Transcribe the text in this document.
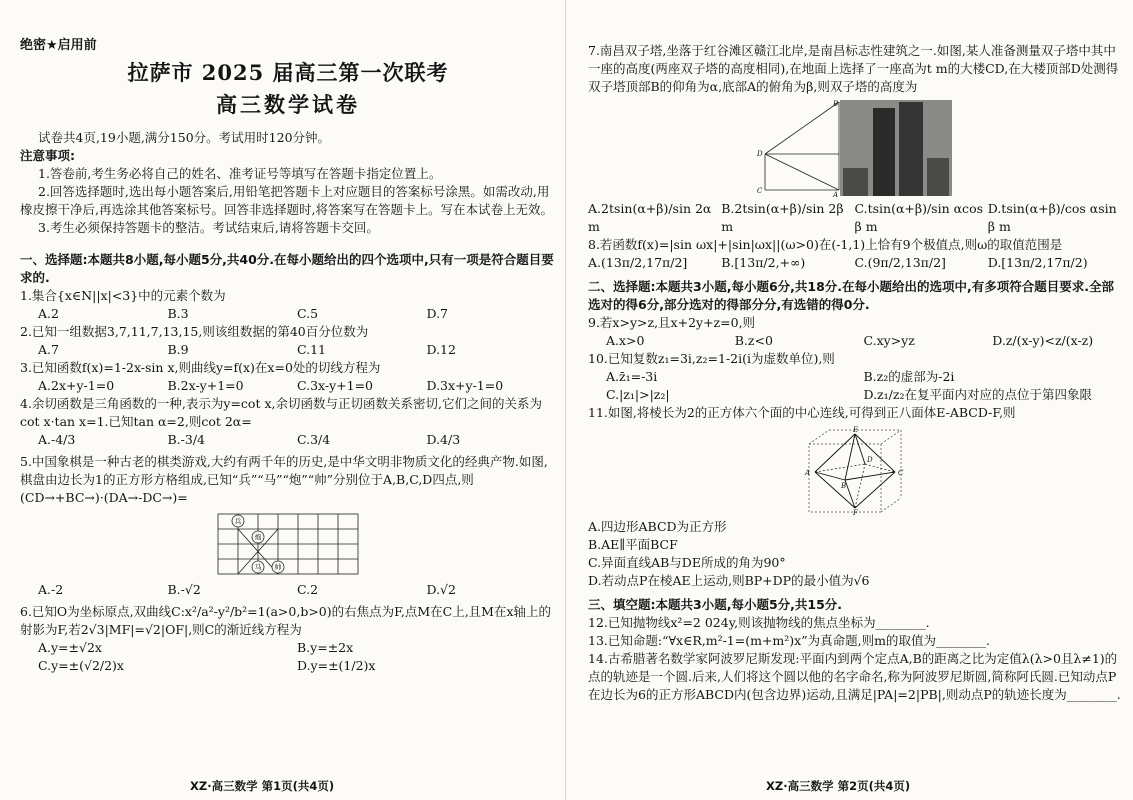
绝密★启用前

拉萨市 2025 届高三第一次联考

高三数学试卷

试卷共4页,19小题,满分150分。考试用时120分钟。

注意事项:

1.答卷前,考生务必将自己的姓名、准考证号等填写在答题卡指定位置上。

2.回答选择题时,选出每小题答案后,用铅笔把答题卡上对应题目的答案标号涂黑。如需改动,用橡皮擦干净后,再选涂其他答案标号。回答非选择题时,将答案写在答题卡上。写在本试卷上无效。

3.考生必须保持答题卡的整洁。考试结束后,请将答题卡交回。

一、选择题:本题共8小题,每小题5分,共40分.在每小题给出的四个选项中,只有一项是符合题目要求的.

1.集合{x∈N||x|<3}中的元素个数为

A.2	B.3	C.5	D.7

2.已知一组数据3,7,11,7,13,15,则该组数据的第40百分位数为

A.7	B.9	C.11	D.12

3.已知函数f(x)=1-2x-sin x,则曲线y=f(x)在x=0处的切线方程为

A.2x+y-1=0	B.2x-y+1=0	C.3x-y+1=0	D.3x+y-1=0

4.余切函数是三角函数的一种,表示为y=cot x,余切函数与正切函数关系密切,它们之间的关系为cot x·tan x=1.已知tan α=2,则cot 2α=

A.-4/3	B.-3/4	C.3/4	D.4/3

5.中国象棋是一种古老的棋类游戏,大约有两千年的历史,是中华文明非物质文化的经典产物.如图,棋盘由边长为1的正方形方格组成,已知“兵”“马”“炮”“帅”分别位于A,B,C,D四点,则(CD→+BC→)·(DA→-DC→)=

兵
炮
马 帅
A.-2	B.-√2	C.2	D.√2

6.已知O为坐标原点,双曲线C:x²/a²-y²/b²=1(a>0,b>0)的右焦点为F,点M在C上,且M在x轴上的射影为F,若2√3|MF|=√2|OF|,则C的渐近线方程为

A.y=±√2x	B.y=±2x
C.y=±(√2/2)x	D.y=±(1/2)x

XZ·高三数学 第1页(共4页)

7.南昌双子塔,坐落于红谷滩区赣江北岸,是南昌标志性建筑之一.如图,某人准备测量双子塔中其中一座的高度(两座双子塔的高度相同),在地面上选择了一座高为t m的大楼CD,在大楼顶部D处测得双子塔顶部B的仰角为α,底部A的俯角为β,则双子塔的高度为

B
D
C	A
A.2tsin(α+β)/sin 2α m
B.2tsin(α+β)/sin 2β m
C.tsin(α+β)/sin αcos β m
D.tsin(α+β)/cos αsin β m

8.若函数f(x)=|sin ωx|+|sin|ωx||(ω>0)在(-1,1)上恰有9个极值点,则ω的取值范围是

A.(13π/2,17π/2]	B.[13π/2,+∞)	C.(9π/2,13π/2]	D.[13π/2,17π/2)

二、选择题:本题共3小题,每小题6分,共18分.在每小题给出的选项中,有多项符合题目要求.全部选对的得6分,部分选对的得部分分,有选错的得0分.

9.若x>y>z,且x+2y+z=0,则

A.x>0	B.z<0	C.xy>yz	D.z/(x-y)<z/(x-z)

10.已知复数z₁=3i,z₂=1-2i(i为虚数单位),则

A.z̄₁=-3i	B.z₂的虚部为-2i
C.|z₁|>|z₂|	D.z₁/z₂在复平面内对应的点位于第四象限

11.如图,将棱长为2的正方体六个面的中心连线,可得到正八面体E-ABCD-F,则

E
A
B
C
D
F

A.四边形ABCD为正方形

B.AE∥平面BCF

C.异面直线AB与DE所成的角为90°

D.若动点P在棱AE上运动,则BP+DP的最小值为√6

三、填空题:本题共3小题,每小题5分,共15分.

12.已知抛物线x²=2 024y,则该抛物线的焦点坐标为________.

13.已知命题:“∀x∈R,m²-1=(m+m²)x”为真命题,则m的取值为________.

14.古希腊著名数学家阿波罗尼斯发现:平面内到两个定点A,B的距离之比为定值λ(λ>0且λ≠1)的点的轨迹是一个圆.后来,人们将这个圆以他的名字命名,称为阿波罗尼斯圆,简称阿氏圆.已知动点P在边长为6的正方形ABCD内(包含边界)运动,且满足|PA|=2|PB|,则动点P的轨迹长度为________.

XZ·高三数学 第2页(共4页)
